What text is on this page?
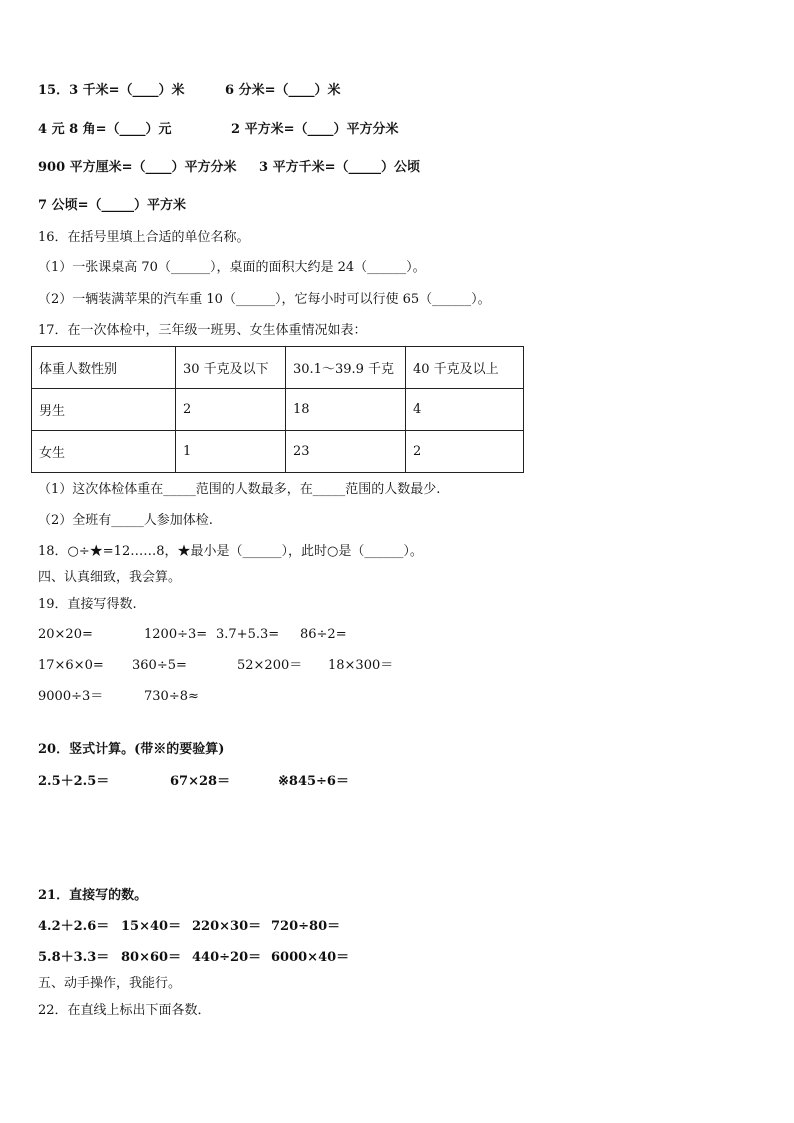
15．3 千米=（____）米	6 分米=（____）米
4 元 8 角=（____）元	2 平方米=（____）平方分米
900 平方厘米=（____）平方分米 3 平方千米=（_____）公顷
7 公顷=（_____）平方米
16．在括号里填上合适的单位名称。
（1）一张课桌高 70（______），桌面的面积大约是 24（______）。
（2）一辆装满苹果的汽车重 10（______），它每小时可以行使 65（______）。
17．在一次体检中，三年级一班男、女生体重情况如表：
体重人数性别	30 千克及以下	30.1～39.9 千克	40 千克及以上
男生	2	18	4
女生	1	23	2
（1）这次体检体重在_____范围的人数最多，在_____范围的人数最少.
（2）全班有_____人参加体检.
18．○÷★=12……8，★最小是（______），此时○是（______）。
四、认真细致，我会算。
19．直接写得数.
20×20=	1200÷3= 3.7+5.3= 86÷2=
17×6×0= 360÷5=	52×200＝ 18×300＝
9000÷3＝	730÷8≈
20．竖式计算。(带※的要验算)
2.5＋2.5＝	67×28＝	※845÷6＝
21．直接写的数。
4.2＋2.6＝ 15×40＝ 220×30＝ 720÷80＝
5.8＋3.3＝ 80×60＝ 440÷20＝ 6000×40＝
五、动手操作，我能行。
22．在直线上标出下面各数．
